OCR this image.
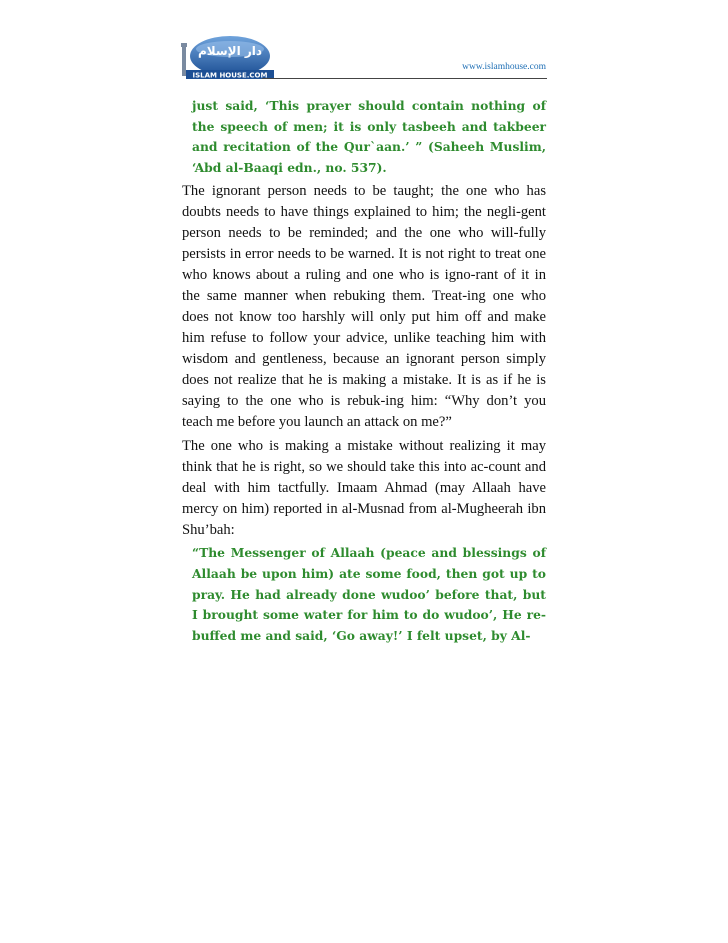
دار الإسلام
ISLAM HOUSE.COM
www.islamhouse.com

just said, ‘This prayer should contain nothing of the speech of men; it is only tasbeeh and takbeer and recitation of the Qur`aan.’ ” (Saheeh Muslim, ‘Abd al-Baaqi edn., no. 537).

The ignorant person needs to be taught; the one who has doubts needs to have things explained to him; the negli-gent person needs to be reminded; and the one who will-fully persists in error needs to be warned. It is not right to treat one who knows about a ruling and one who is igno-rant of it in the same manner when rebuking them. Treat-ing one who does not know too harshly will only put him off and make him refuse to follow your advice, unlike teaching him with wisdom and gentleness, because an ignorant person simply does not realize that he is making a mistake. It is as if he is saying to the one who is rebuk-ing him: “Why don’t you teach me before you launch an attack on me?”

The one who is making a mistake without realizing it may think that he is right, so we should take this into ac-count and deal with him tactfully. Imaam Ahmad (may Allaah have mercy on him) reported in al-Musnad from al-Mugheerah ibn Shu’bah:

“The Messenger of Allaah (peace and blessings of Allaah be upon him) ate some food, then got up to pray. He had already done wudoo’ before that, but I brought some water for him to do wudoo’, He re-buffed me and said, ‘Go away!’ I felt upset, by Al-
